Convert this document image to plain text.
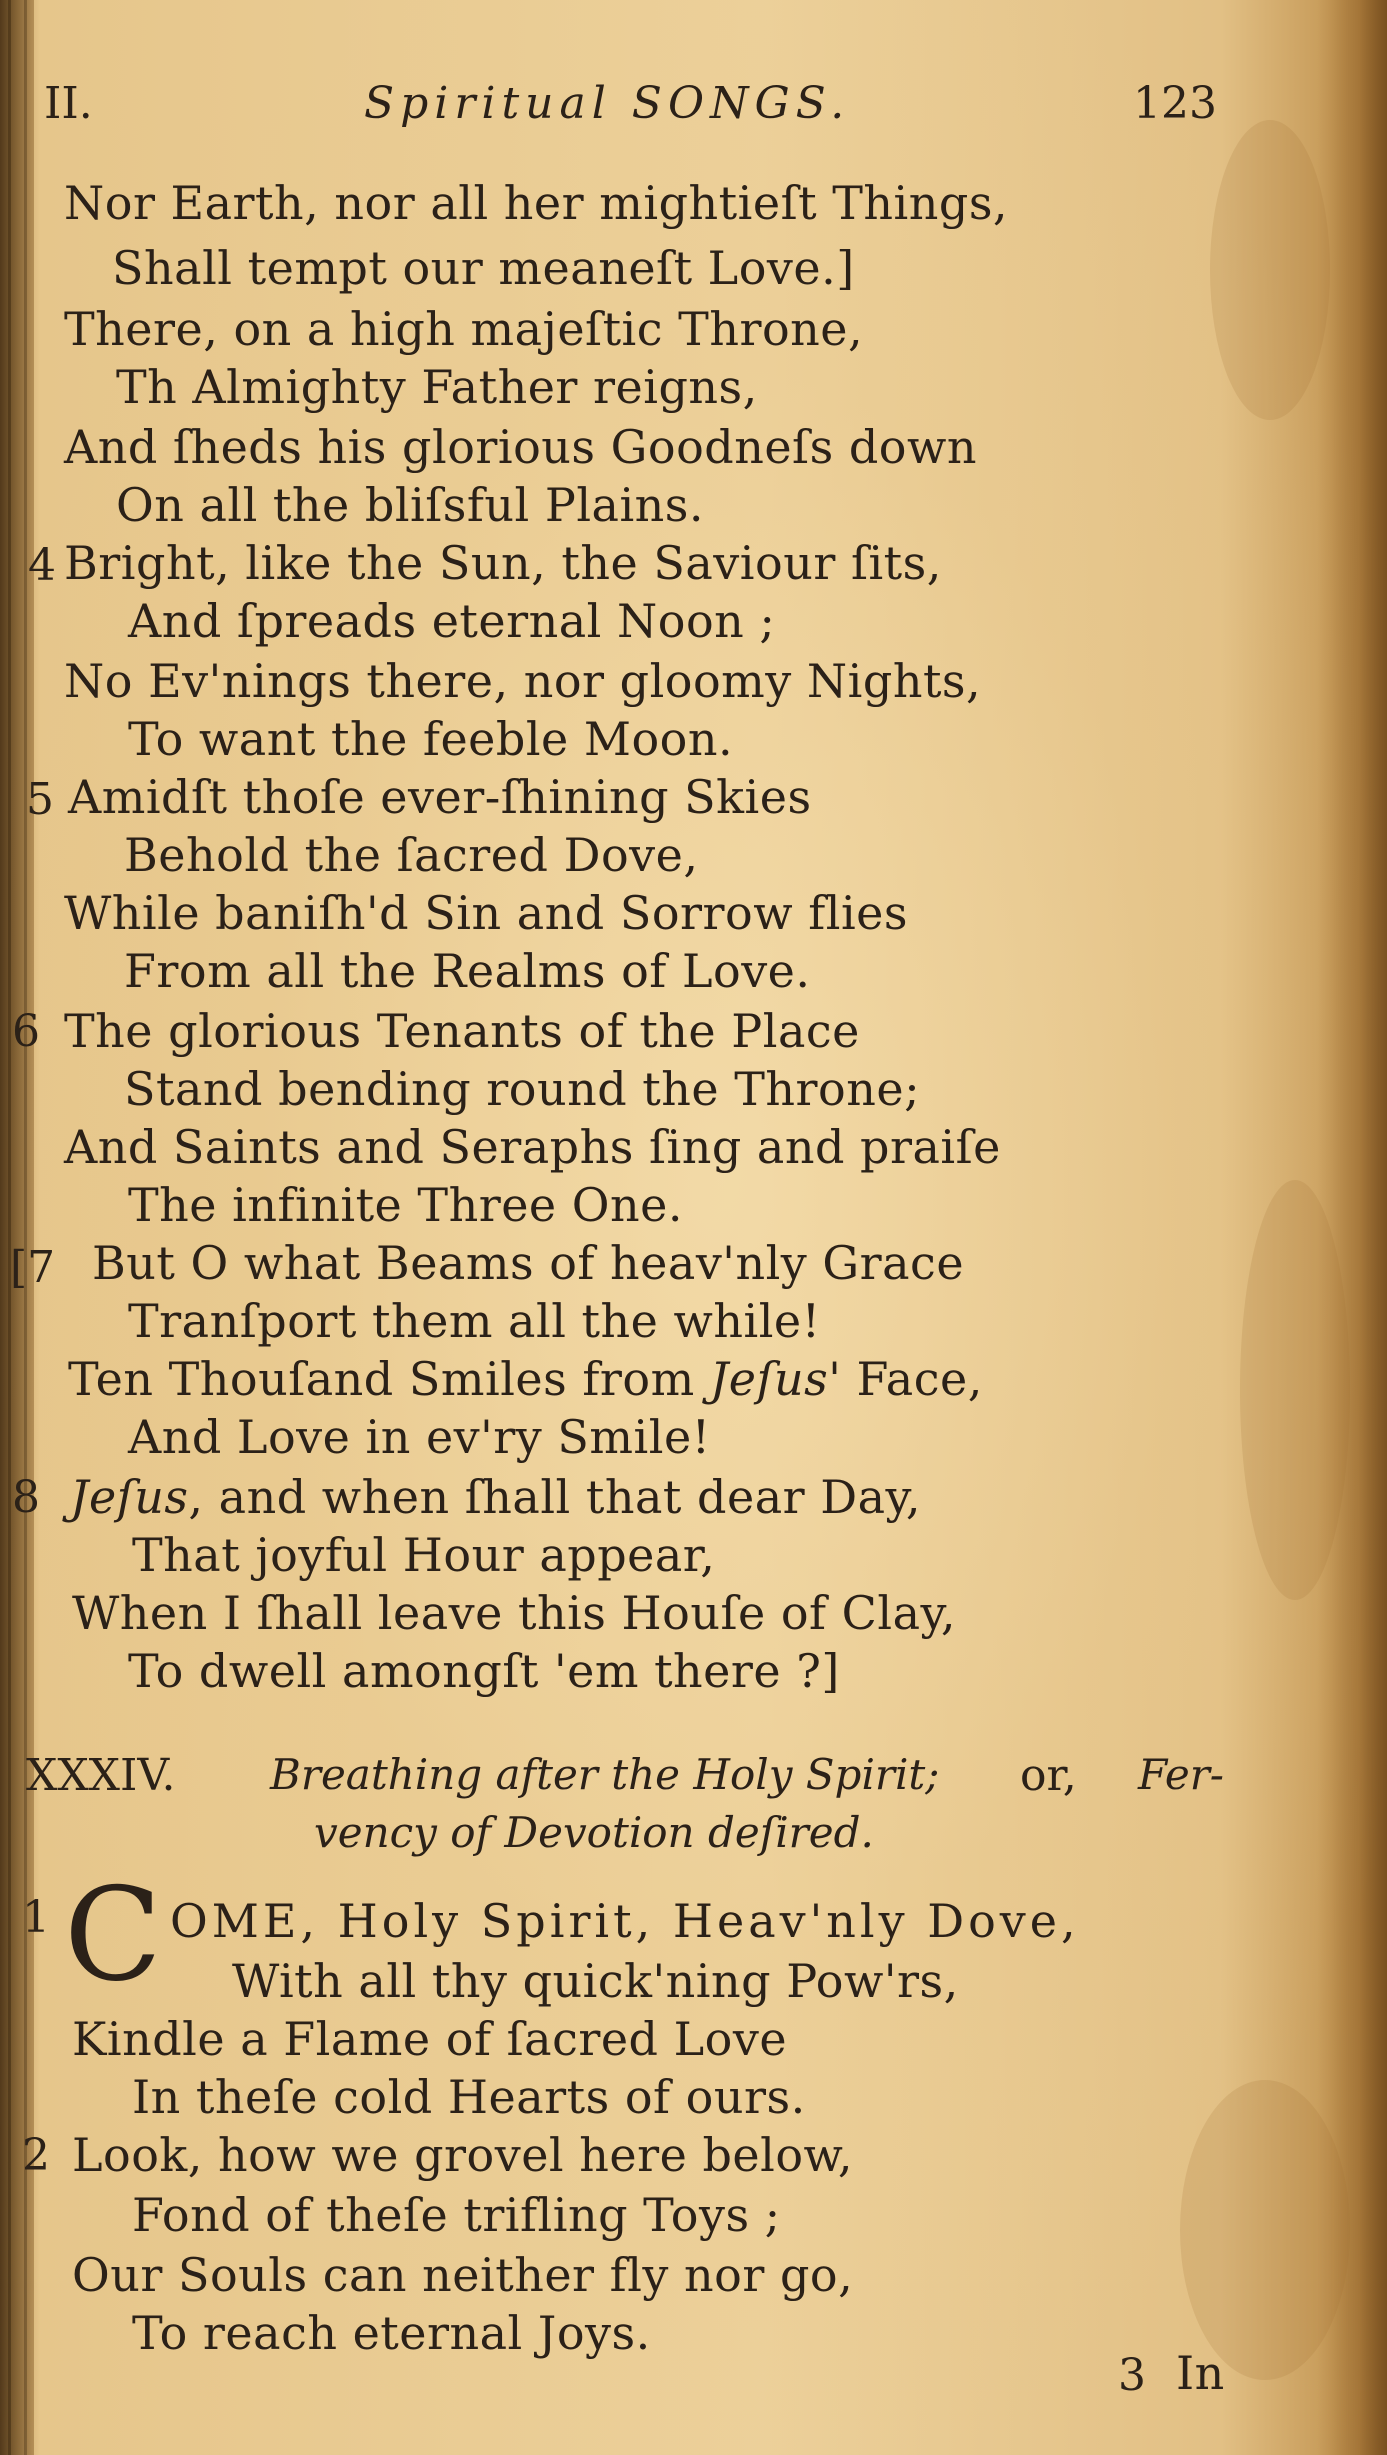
II.	Spiritual SONGS.	123
Nor Earth, nor all her mightieſt Things,
Shall tempt our meaneſt Love.]
There, on a high majeſtic Throne,
Th Almighty Father reigns,
And ſheds his glorious Goodneſs down
On all the bliſsful Plains.
4 Bright, like the Sun, the Saviour ſits,
And ſpreads eternal Noon ;
No Ev'nings there, nor gloomy Nights,
To want the feeble Moon.
5 Amidſt thoſe ever-ſhining Skies
Behold the ſacred Dove,
While baniſh'd Sin and Sorrow flies
From all the Realms of Love.
6 The glorious Tenants of the Place
Stand bending round the Throne;
And Saints and Seraphs ſing and praiſe
The infinite Three One.
[7 But O what Beams of heav'nly Grace
Tranſport them all the while!
Ten Thouſand Smiles from Jeſus' Face,
And Love in ev'ry Smile!
8 Jeſus, and when ſhall that dear Day,
That joyful Hour appear,
When I ſhall leave this Houſe of Clay,
To dwell amongſt 'em there ?]
XXXIV. Breathing after the Holy Spirit; or, Fer-
vency of Devotion deſired.
1 C OME, Holy Spirit, Heav'nly Dove,
With all thy quick'ning Pow'rs,
Kindle a Flame of ſacred Love
In theſe cold Hearts of ours.
2 Look, how we grovel here below,
Fond of theſe trifling Toys ;
Our Souls can neither fly nor go,
To reach eternal Joys.
3 In
